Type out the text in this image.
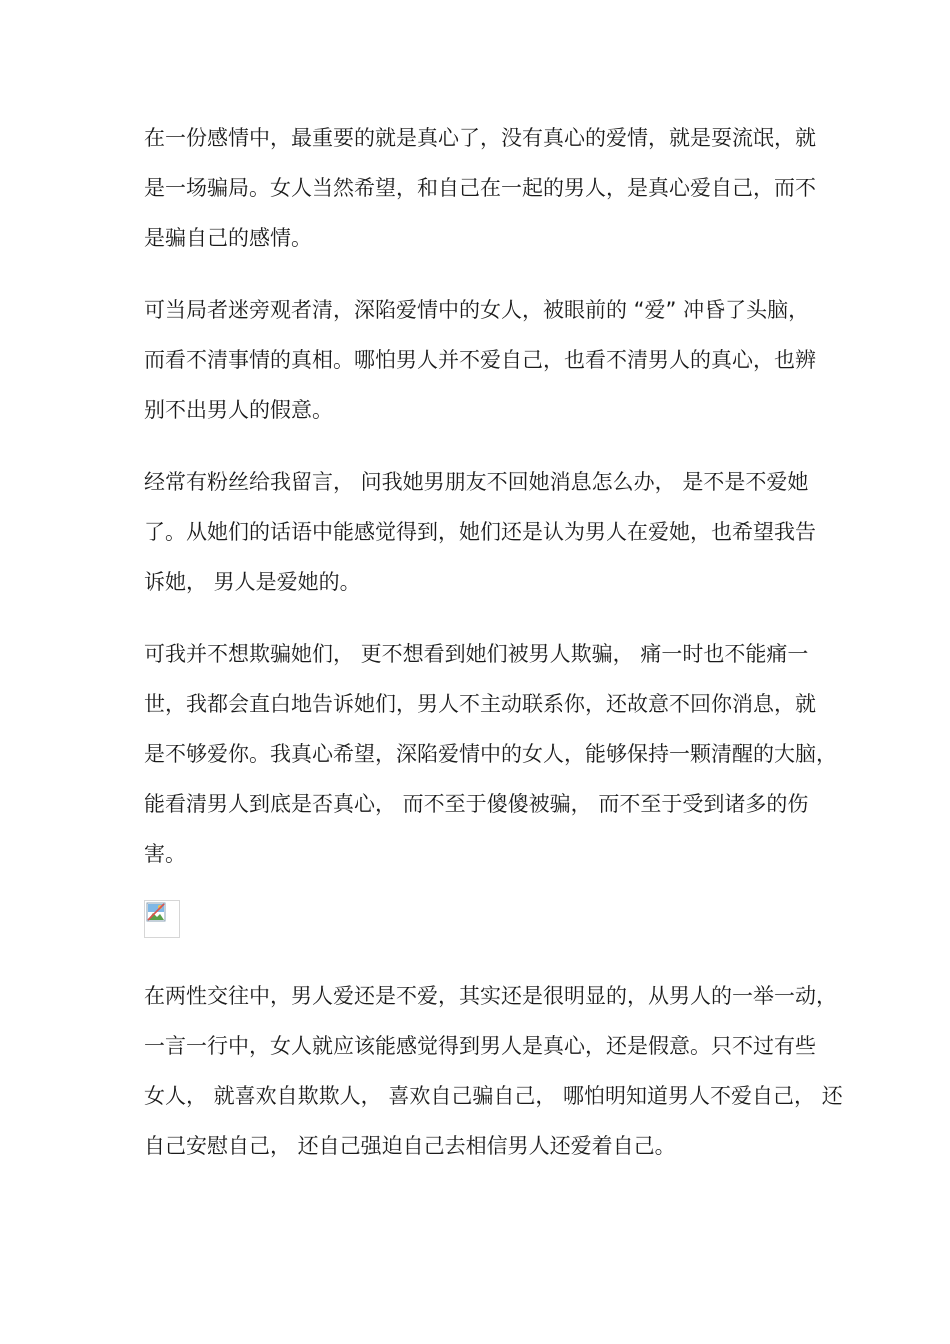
在一份感情中，最重要的就是真心了，没有真心的爱情，就是耍流氓，就
是一场骗局。女人当然希望，和自己在一起的男人，是真心爱自己，而不
是骗自己的感情。
可当局者迷旁观者清，深陷爱情中的女人，被眼前的 “爱” 冲昏了头脑，
而看不清事情的真相。哪怕男人并不爱自己，也看不清男人的真心，也辨
别不出男人的假意。
经常有粉丝给我留言， 问我她男朋友不回她消息怎么办， 是不是不爱她
了。从她们的话语中能感觉得到，她们还是认为男人在爱她，也希望我告
诉她， 男人是爱她的。
可我并不想欺骗她们， 更不想看到她们被男人欺骗， 痛一时也不能痛一
世，我都会直白地告诉她们，男人不主动联系你，还故意不回你消息，就
是不够爱你。我真心希望，深陷爱情中的女人，能够保持一颗清醒的大脑，
能看清男人到底是否真心， 而不至于傻傻被骗， 而不至于受到诸多的伤
害。
在两性交往中，男人爱还是不爱，其实还是很明显的，从男人的一举一动，
一言一行中，女人就应该能感觉得到男人是真心，还是假意。只不过有些
女人， 就喜欢自欺欺人， 喜欢自己骗自己， 哪怕明知道男人不爱自己， 还
自己安慰自己， 还自己强迫自己去相信男人还爱着自己。
